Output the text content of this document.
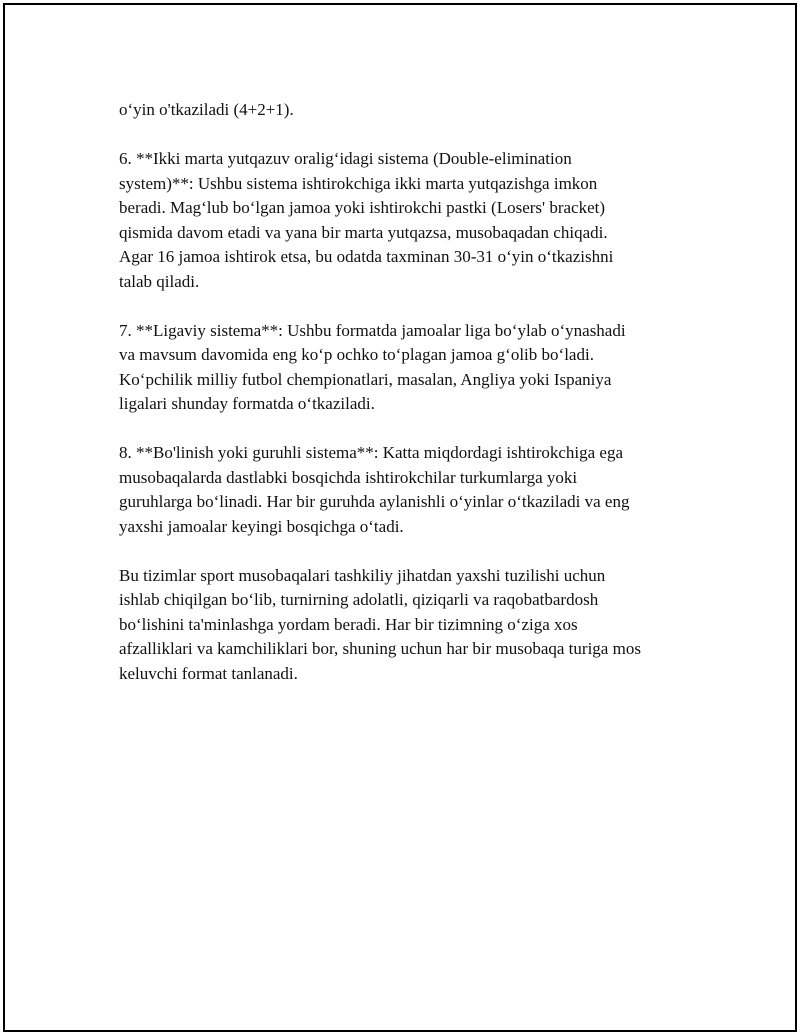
o‘yin o'tkaziladi (4+2+1).

6. **Ikki marta yutqazuv oralig‘idagi sistema (Double-elimination
system)**: Ushbu sistema ishtirokchiga ikki marta yutqazishga imkon
beradi. Mag‘lub bo‘lgan jamoa yoki ishtirokchi pastki (Losers' bracket)
qismida davom etadi va yana bir marta yutqazsa, musobaqadan chiqadi.
Agar 16 jamoa ishtirok etsa, bu odatda taxminan 30-31 o‘yin o‘tkazishni
talab qiladi.

7. **Ligaviy sistema**: Ushbu formatda jamoalar liga bo‘ylab o‘ynashadi
va mavsum davomida eng ko‘p ochko to‘plagan jamoa g‘olib bo‘ladi.
Ko‘pchilik milliy futbol chempionatlari, masalan, Angliya yoki Ispaniya
ligalari shunday formatda o‘tkaziladi.

8. **Bo'linish yoki guruhli sistema**: Katta miqdordagi ishtirokchiga ega
musobaqalarda dastlabki bosqichda ishtirokchilar turkumlarga yoki
guruhlarga bo‘linadi. Har bir guruhda aylanishli o‘yinlar o‘tkaziladi va eng
yaxshi jamoalar keyingi bosqichga o‘tadi.

Bu tizimlar sport musobaqalari tashkiliy jihatdan yaxshi tuzilishi uchun
ishlab chiqilgan bo‘lib, turnirning adolatli, qiziqarli va raqobatbardosh
bo‘lishini ta'minlashga yordam beradi. Har bir tizimning o‘ziga xos
afzalliklari va kamchiliklari bor, shuning uchun har bir musobaqa turiga mos
keluvchi format tanlanadi.
